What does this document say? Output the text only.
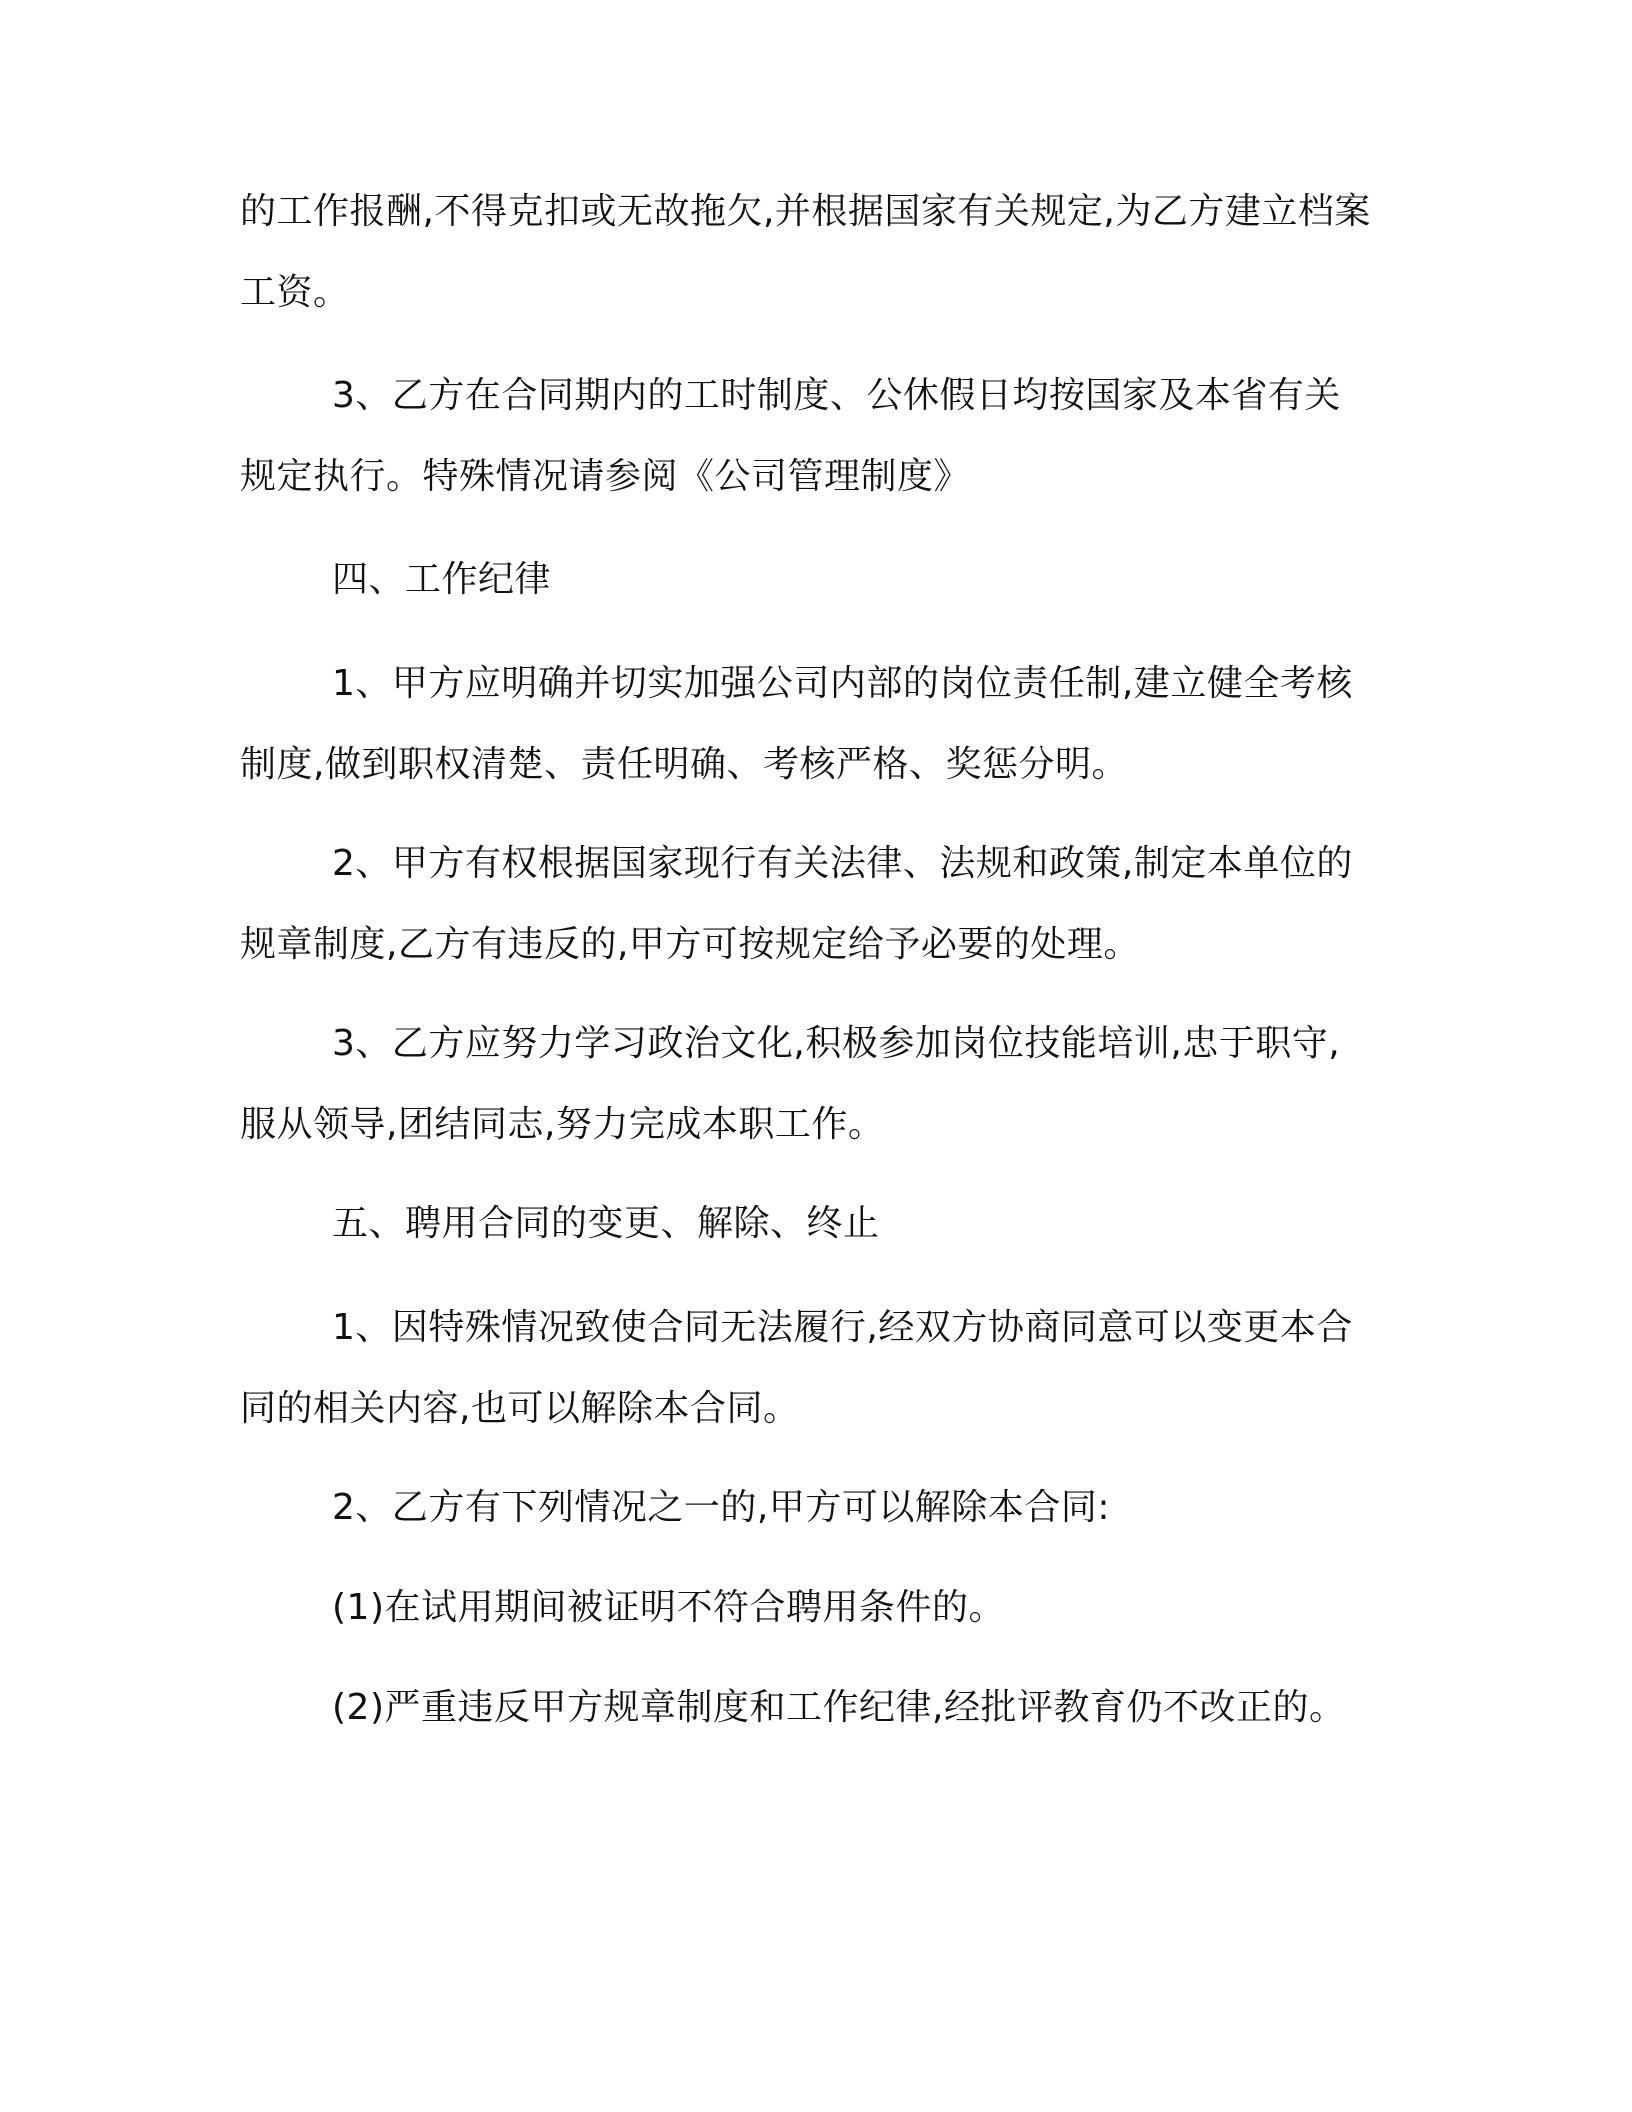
的工作报酬,不得克扣或无故拖欠,并根据国家有关规定,为乙方建立档案工资。
3、乙方在合同期内的工时制度、公休假日均按国家及本省有关规定执行。特殊情况请参阅《公司管理制度》
四、工作纪律
1、甲方应明确并切实加强公司内部的岗位责任制,建立健全考核制度,做到职权清楚、责任明确、考核严格、奖惩分明。
2、甲方有权根据国家现行有关法律、法规和政策,制定本单位的规章制度,乙方有违反的,甲方可按规定给予必要的处理。
3、乙方应努力学习政治文化,积极参加岗位技能培训,忠于职守,服从领导,团结同志,努力完成本职工作。
五、聘用合同的变更、解除、终止
1、因特殊情况致使合同无法履行,经双方协商同意可以变更本合同的相关内容,也可以解除本合同。
2、乙方有下列情况之一的,甲方可以解除本合同:
(1)在试用期间被证明不符合聘用条件的。
(2)严重违反甲方规章制度和工作纪律,经批评教育仍不改正的。
